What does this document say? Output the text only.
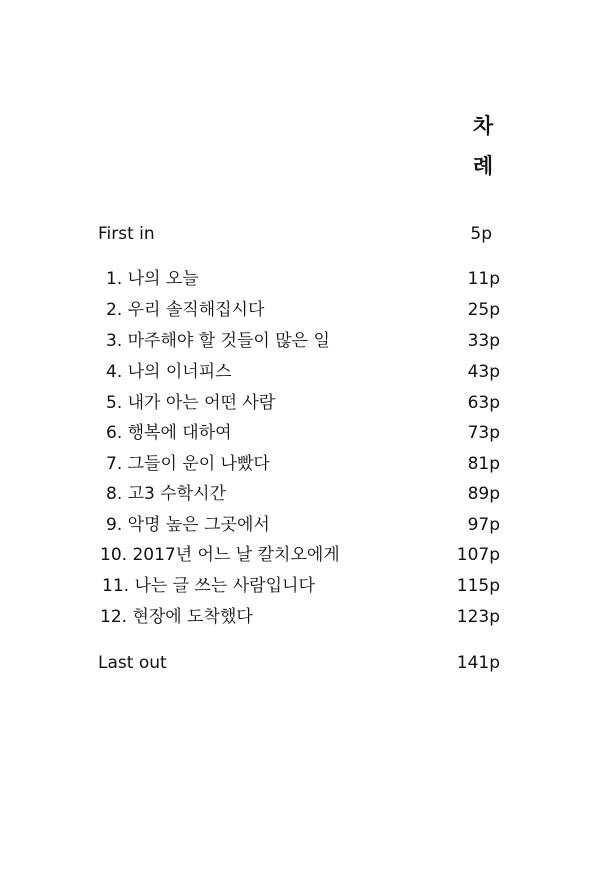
차
례
First in	5p
1. 나의 오늘	11p
2. 우리 솔직해집시다	25p
3. 마주해야 할 것들이 많은 일	33p
4. 나의 이너피스	43p
5. 내가 아는 어떤 사람	63p
6. 행복에 대하여	73p
7. 그들이 운이 나빴다	81p
8. 고3 수학시간	89p
9. 악명 높은 그곳에서	97p
10. 2017년 어느 날 칼치오에게	107p
11. 나는 글 쓰는 사람입니다	115p
12. 현장에 도착했다	123p
Last out	141p
